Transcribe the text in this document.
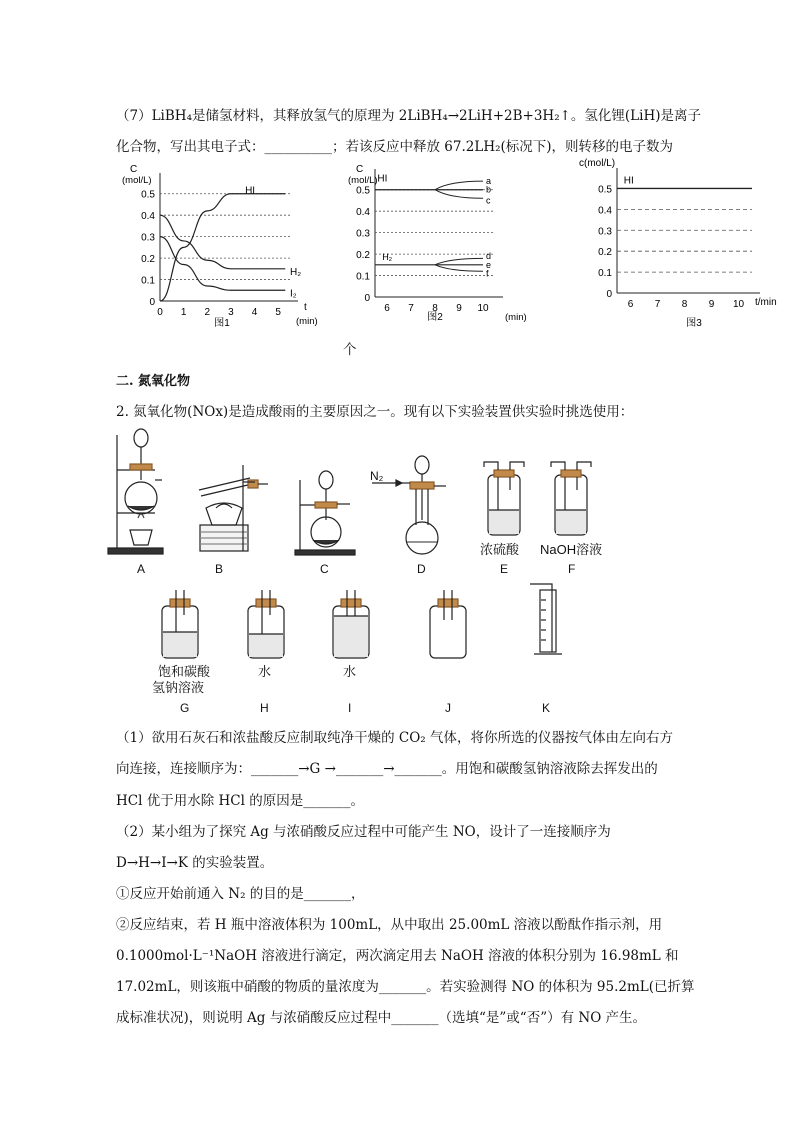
（7）LiBH₄是储氢材料，其释放氢气的原理为 2LiBH₄→2LiH+2B+3H₂↑。氢化锂(LiH)是离子
化合物，写出其电子式：__________；若该反应中释放 67.2LH₂(标况下)，则转移的电子数为
0
0.1
0.2
0.3
0.4
0.5
0 1 2 3 4 5
C
(mol/L)
t
(min)
图1
HI
H₂
I₂	0
0.1
0.2
0.3
0.4
0.5
6 7 8 9 10
C
(mol/L)
(min)
图2
a
b
c
d
e
f
HI
H₂
0
0.1
0.2
0.3
0.4
0.5
6 7 8 9 10
c(mol/L)
t/min
图3
HI
个
二. 氮氧化物
2. 氮氧化物(NOx)是造成酸雨的主要原因之一。现有以下实验装置供实验时挑选使用：
N₂
A	B	C	D	E	F
浓硫酸 NaOH溶液
饱和碳酸
氢钠溶液
水	水
G	H	I	J	K
（1）欲用石灰石和浓盐酸反应制取纯净干燥的 CO₂ 气体，将你所选的仪器按气体由左向右方
向连接，连接顺序为：_______→G →_______→_______。用饱和碳酸氢钠溶液除去挥发出的
HCl 优于用水除 HCl 的原因是_______。
（2）某小组为了探究 Ag 与浓硝酸反应过程中可能产生 NO，设计了一连接顺序为
D→H→I→K 的实验装置。
①反应开始前通入 N₂ 的目的是_______，
②反应结束，若 H 瓶中溶液体积为 100mL，从中取出 25.00mL 溶液以酚酞作指示剂，用
0.1000mol·L⁻¹NaOH 溶液进行滴定，两次滴定用去 NaOH 溶液的体积分别为 16.98mL 和
17.02mL，则该瓶中硝酸的物质的量浓度为_______。若实验测得 NO 的体积为 95.2mL(已折算
成标准状况)，则说明 Ag 与浓硝酸反应过程中_______（选填“是”或“否”）有 NO 产生。
